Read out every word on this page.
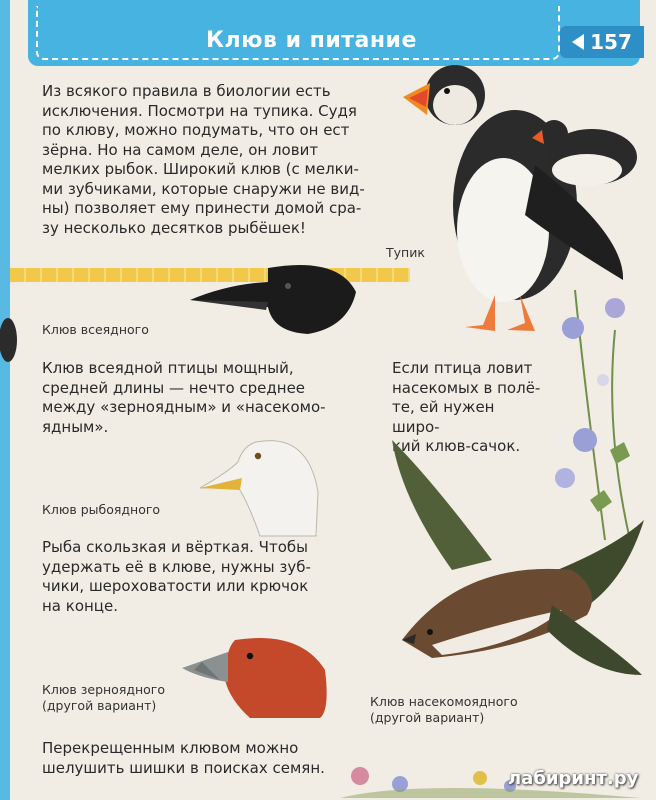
Клюв и питание	157
Из всякого правила в биологии есть
исключения. Посмотри на тупика. Судя
по клюву, можно подумать, что он ест
зёрна. Но на самом деле, он ловит
мелких рыбок. Широкий клюв (с мелки-
ми зубчиками, которые снаружи не вид-
ны) позволяет ему принести домой сра-
зу несколько десятков рыбёшек!
Тупик
Клюв всеядного
Клюв всеядной птицы мощный,
средней длины — нечто среднее
между «зерноядным» и «насекомо-
ядным».
Если птица ловит
насекомых в полё-
те, ей нужен широ-
кий клюв-сачок.
Клюв рыбоядного
Рыба скользкая и вёрткая. Чтобы
удержать её в клюве, нужны зуб-
чики, шероховатости или крючок
на конце.
Клюв зерноядного
(другой вариант)	Клюв насекомоядного
(другой вариант)
Перекрещенным клювом можно
шелушить шишки в поисках семян.
лабиринт.ру
